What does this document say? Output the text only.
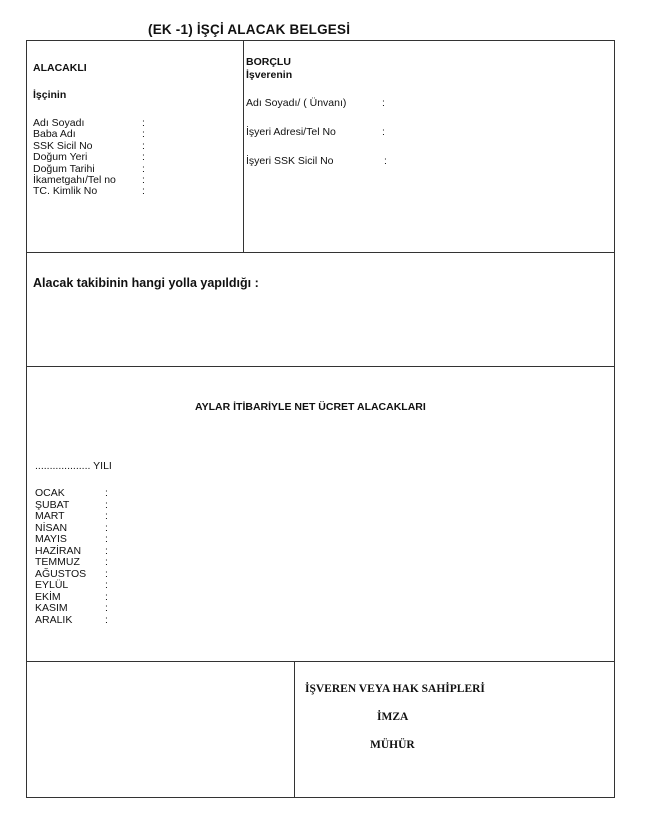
(EK -1) İŞÇİ ALACAK BELGESİ
ALACAKLI
İşçinin
Adı Soyadı	:
Baba Adı	:
SSK Sicil No	:
Doğum Yeri	:
Doğum Tarihi	:
İkametgahı/Tel no :
TC. Kimlik No	:
BORÇLU
İşverenin
Adı Soyadı/ ( Ünvanı)	:
İşyeri Adresi/Tel No	:
İşyeri SSK Sicil No	:
Alacak takibinin hangi yolla yapıldığı :
AYLAR İTİBARİYLE NET ÜCRET ALACAKLARI
................... YILI
OCAK	:
ŞUBAT	:
MART	:
NİSAN	:
MAYIS	:
HAZİRAN :
TEMMUZ :
AĞUSTOS :
EYLÜL	:
EKİM	:
KASIM	:
ARALIK	:
İŞVEREN VEYA HAK SAHİPLERİ
İMZA
MÜHÜR
